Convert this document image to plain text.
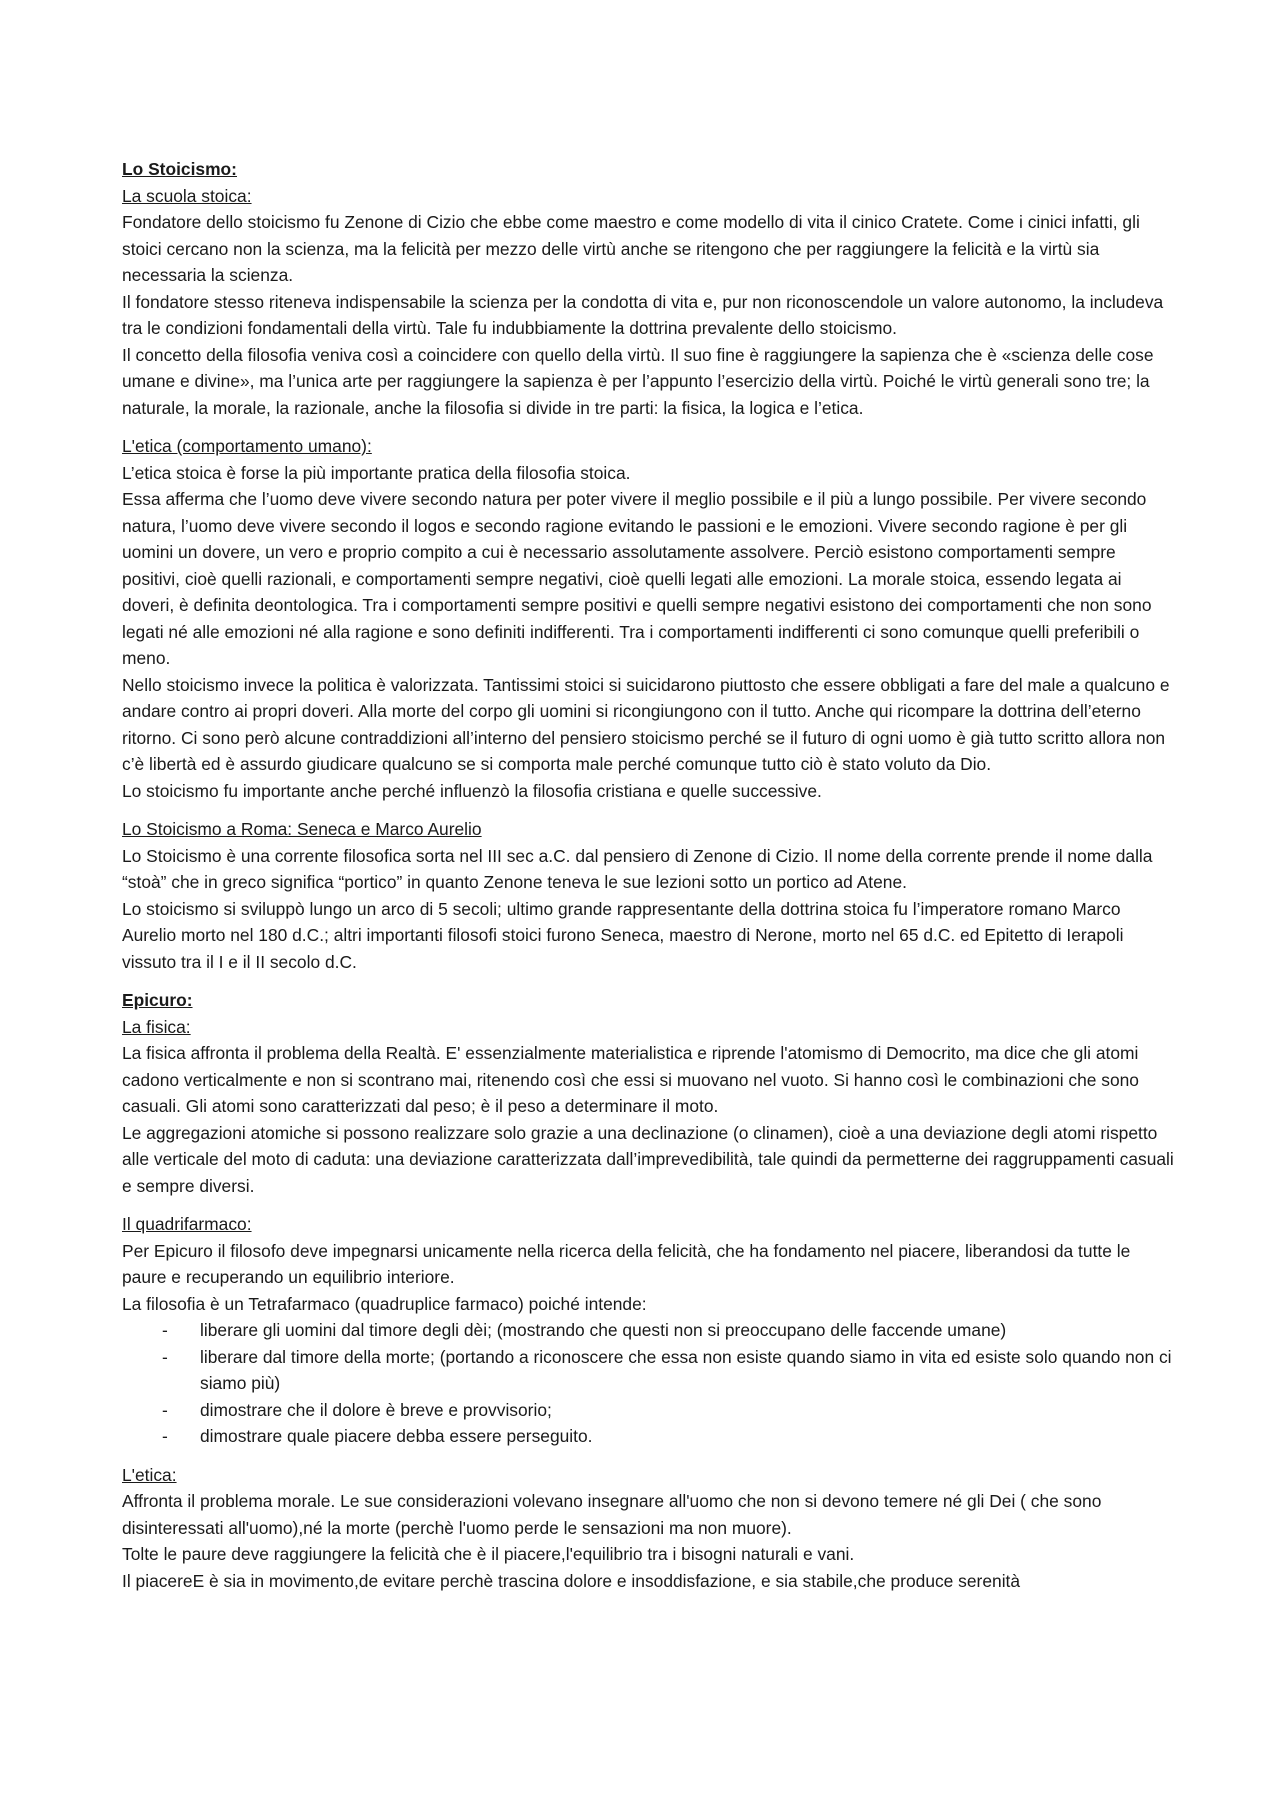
Lo Stoicismo:

La scuola stoica:

Fondatore dello stoicismo fu Zenone di Cizio che ebbe come maestro e come modello di vita il cinico Cratete. Come i cinici infatti, gli stoici cercano non la scienza, ma la felicità per mezzo delle virtù anche se ritengono che per raggiungere la felicità e la virtù sia necessaria la scienza.

Il fondatore stesso riteneva indispensabile la scienza per la condotta di vita e, pur non riconoscendole un valore autonomo, la includeva tra le condizioni fondamentali della virtù. Tale fu indubbiamente la dottrina prevalente dello stoicismo.

Il concetto della filosofia veniva così a coincidere con quello della virtù. Il suo fine è raggiungere la sapienza che è «scienza delle cose umane e divine», ma l’unica arte per raggiungere la sapienza è per l’appunto l’esercizio della virtù. Poiché le virtù generali sono tre; la naturale, la morale, la razionale, anche la filosofia si divide in tre parti: la fisica, la logica e l’etica.

L'etica (comportamento umano):

L’etica stoica è forse la più importante pratica della filosofia stoica.

Essa afferma che l’uomo deve vivere secondo natura per poter vivere il meglio possibile e il più a lungo possibile. Per vivere secondo natura, l’uomo deve vivere secondo il logos e secondo ragione evitando le passioni e le emozioni. Vivere secondo ragione è per gli uomini un dovere, un vero e proprio compito a cui è necessario assolutamente assolvere. Perciò esistono comportamenti sempre positivi, cioè quelli razionali, e comportamenti sempre negativi, cioè quelli legati alle emozioni. La morale stoica, essendo legata ai doveri, è definita deontologica. Tra i comportamenti sempre positivi e quelli sempre negativi esistono dei comportamenti che non sono legati né alle emozioni né alla ragione e sono definiti indifferenti. Tra i comportamenti indifferenti ci sono comunque quelli preferibili o meno.

Nello stoicismo invece la politica è valorizzata. Tantissimi stoici si suicidarono piuttosto che essere obbligati a fare del male a qualcuno e andare contro ai propri doveri. Alla morte del corpo gli uomini si ricongiungono con il tutto. Anche qui ricompare la dottrina dell’eterno ritorno. Ci sono però alcune contraddizioni all’interno del pensiero stoicismo perché se il futuro di ogni uomo è già tutto scritto allora non c’è libertà ed è assurdo giudicare qualcuno se si comporta male perché comunque tutto ciò è stato voluto da Dio.

Lo stoicismo fu importante anche perché influenzò la filosofia cristiana e quelle successive.

Lo Stoicismo a Roma: Seneca e Marco Aurelio

Lo Stoicismo è una corrente filosofica sorta nel III sec a.C. dal pensiero di Zenone di Cizio. Il nome della corrente prende il nome dalla “stoà” che in greco significa “portico” in quanto Zenone teneva le sue lezioni sotto un portico ad Atene.

Lo stoicismo si sviluppò lungo un arco di 5 secoli; ultimo grande rappresentante della dottrina stoica fu l’imperatore romano Marco Aurelio morto nel 180 d.C.; altri importanti filosofi stoici furono Seneca, maestro di Nerone, morto nel 65 d.C. ed Epitetto di Ierapoli vissuto tra il I e il II secolo d.C.

Epicuro:

La fisica:

La fisica affronta il problema della Realtà. E' essenzialmente materialistica e riprende l'atomismo di Democrito, ma dice che gli atomi cadono verticalmente e non si scontrano mai, ritenendo così che essi si muovano nel vuoto. Si hanno così le combinazioni che sono casuali. Gli atomi sono caratterizzati dal peso; è il peso a determinare il moto.

Le aggregazioni atomiche si possono realizzare solo grazie a una declinazione (o clinamen), cioè a una deviazione degli atomi rispetto alle verticale del moto di caduta: una deviazione caratterizzata dall’imprevedibilità, tale quindi da permetterne dei raggruppamenti casuali e sempre diversi.

Il quadrifarmaco:

Per Epicuro il filosofo deve impegnarsi unicamente nella ricerca della felicità, che ha fondamento nel piacere, liberandosi da tutte le paure e recuperando un equilibrio interiore.

La filosofia è un Tetrafarmaco (quadruplice farmaco) poiché intende:

- liberare gli uomini dal timore degli dèi; (mostrando che questi non si preoccupano delle faccende umane)
- liberare dal timore della morte; (portando a riconoscere che essa non esiste quando siamo in vita ed esiste solo quando non ci siamo più)
- dimostrare che il dolore è breve e provvisorio;
- dimostrare quale piacere debba essere perseguito.

L'etica:

Affronta il problema morale. Le sue considerazioni volevano insegnare all'uomo che non si devono temere né gli Dei ( che sono disinteressati all'uomo),né la morte (perchè l'uomo perde le sensazioni ma non muore).

Tolte le paure deve raggiungere la felicità che è il piacere,l'equilibrio tra i bisogni naturali e vani.

Il piacereE è sia in movimento,de evitare perchè trascina dolore e insoddisfazione, e sia stabile,che produce serenità
